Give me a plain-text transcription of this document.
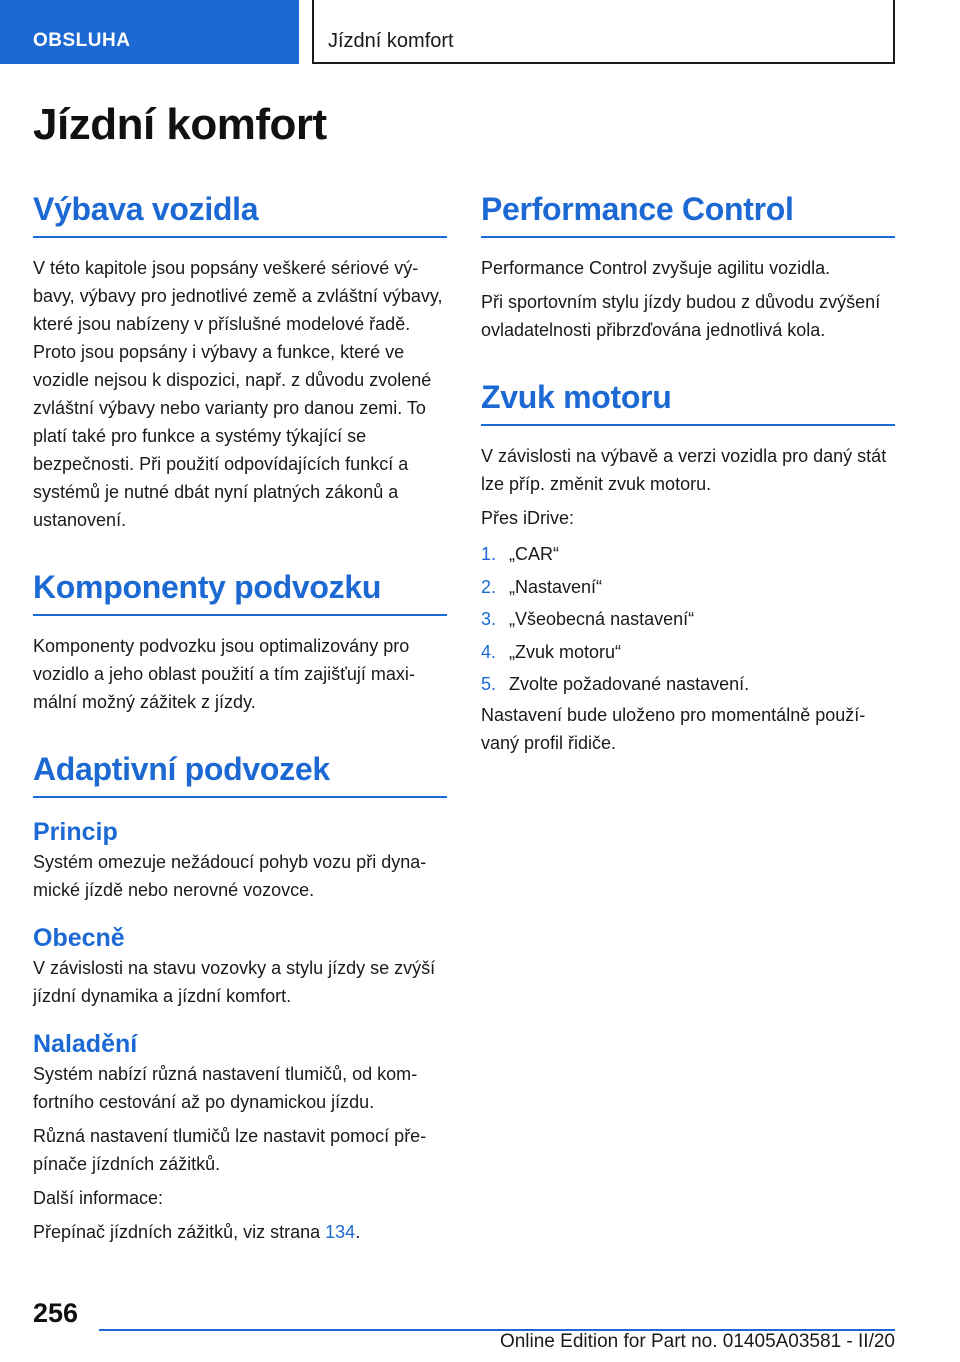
OBSLUHA	Jízdní komfort
Jízdní komfort
Výbava vozidla

V této kapitole jsou popsány veškeré sériové výbavy, výbavy pro jednotlivé země a zvláštní výbavy, které jsou nabízeny v příslušné modelové řadě. Proto jsou popsány i výbavy a funkce, které ve vozidle nejsou k dispozici, např. z důvodu zvolené zvláštní výbavy nebo varianty pro danou zemi. To platí také pro funkce a systémy týkající se bezpečnosti. Při použití odpovídajících funkcí a systémů je nutné dbát nyní platných zákonů a ustanovení.

Komponenty podvozku

Komponenty podvozku jsou optimalizovány pro vozidlo a jeho oblast použití a tím zajišťují maximální možný zážitek z jízdy.

Adaptivní podvozek
Princip

Systém omezuje nežádoucí pohyb vozu při dynamické jízdě nebo nerovné vozovce.

Obecně

V závislosti na stavu vozovky a stylu jízdy se zvýší jízdní dynamika a jízdní komfort.

Naladění

Systém nabízí různá nastavení tlumičů, od komfortního cestování až po dynamickou jízdu.

Různá nastavení tlumičů lze nastavit pomocí přepínače jízdních zážitků.

Další informace:

Přepínač jízdních zážitků, viz strana 134.

Performance Control

Performance Control zvyšuje agilitu vozidla.

Při sportovním stylu jízdy budou z důvodu zvýšení ovladatelnosti přibrzďována jednotlivá kola.

Zvuk motoru

V závislosti na výbavě a verzi vozidla pro daný stát lze příp. změnit zvuk motoru.

Přes iDrive:

1. „CAR“
2. „Nastavení“
3. „Všeobecná nastavení“
4. „Zvuk motoru“
5. Zvolte požadované nastavení.

Nastavení bude uloženo pro momentálně používaný profil řidiče.

256
Online Edition for Part no. 01405A03581 - II/20
